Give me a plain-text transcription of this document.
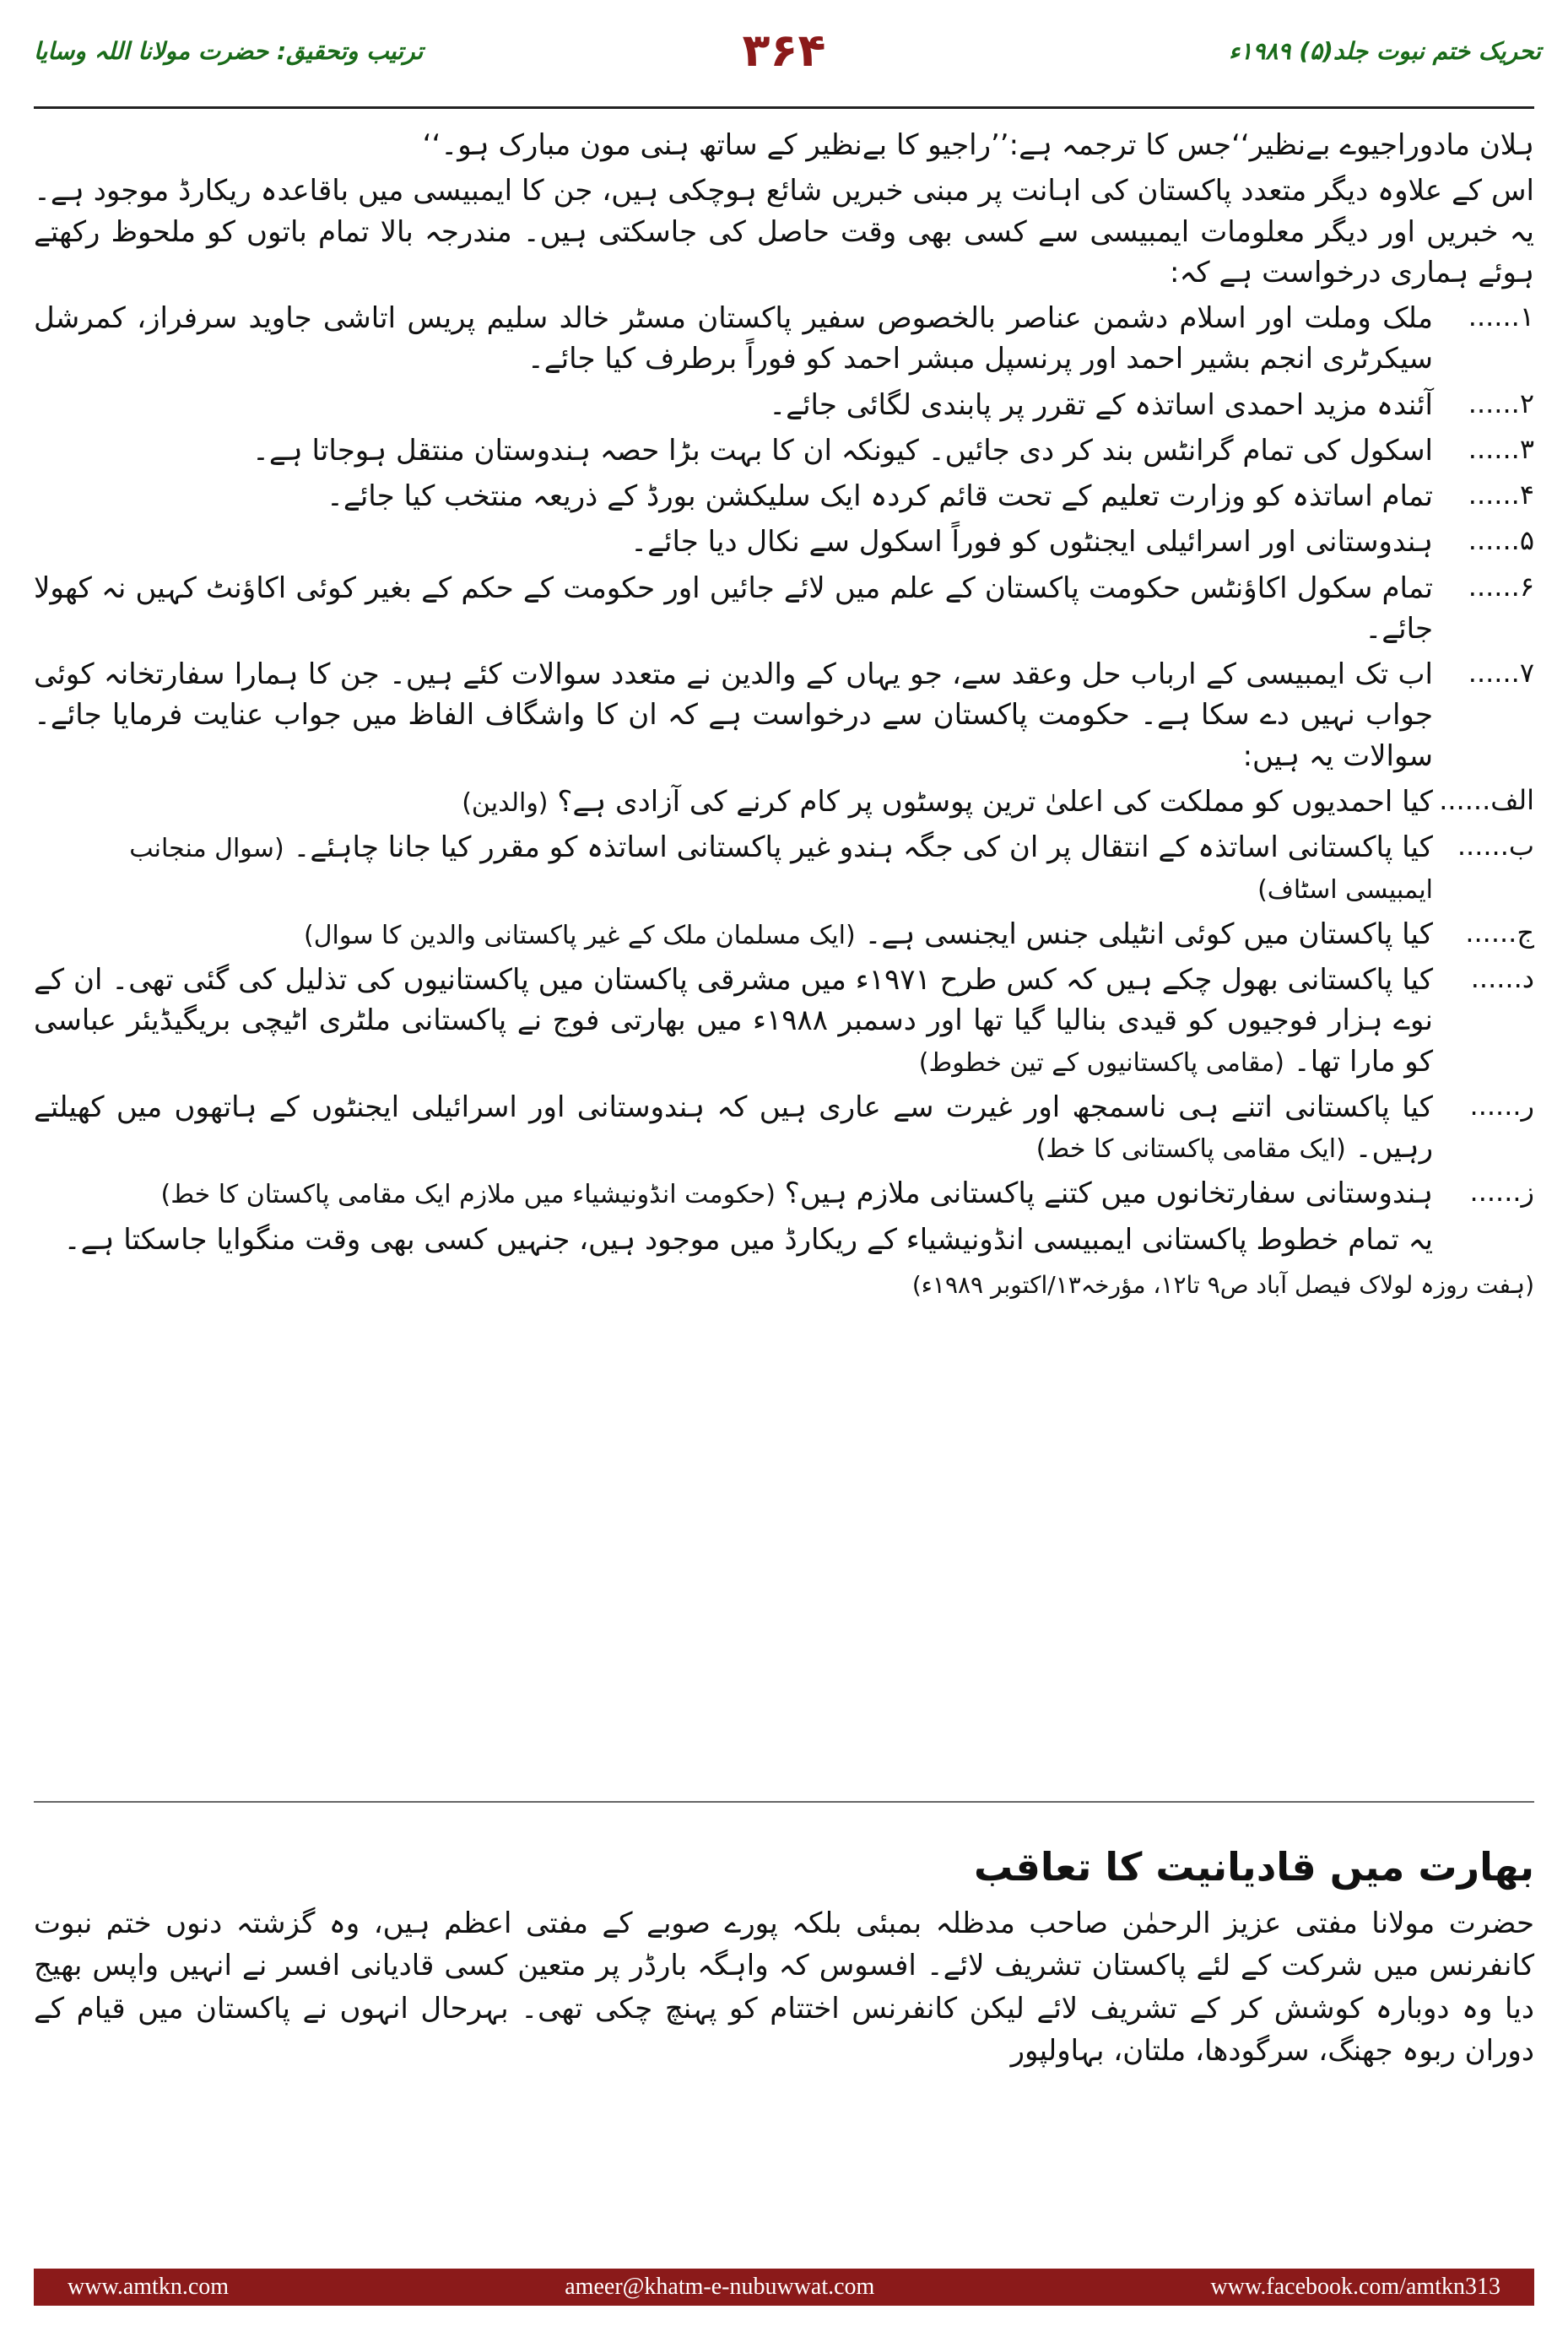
تحریک ختم نبوت جلد(۵) ۱۹۸۹ء
۳۶۴
ترتیب وتحقیق: حضرت مولانا اللہ وسایا

ہلان مادوراجیوے بےنظیر‘‘جس کا ترجمہ ہے:’’راجیو کا بےنظیر کے ساتھ ہنی مون مبارک ہو۔‘‘

اس کے علاوہ دیگر متعدد پاکستان کی اہانت پر مبنی خبریں شائع ہوچکی ہیں، جن کا ایمبیسی میں باقاعدہ ریکارڈ موجود ہے۔ یہ خبریں اور دیگر معلومات ایمبیسی سے کسی بھی وقت حاصل کی جاسکتی ہیں۔ مندرجہ بالا تمام باتوں کو ملحوظ رکھتے ہوئے ہماری درخواست ہے کہ:

۱......
ملک وملت اور اسلام دشمن عناصر بالخصوص سفیر پاکستان مسٹر خالد سلیم پریس اتاشی جاوید سرفراز، کمرشل سیکرٹری انجم بشیر احمد اور پرنسپل مبشر احمد کو فوراً برطرف کیا جائے۔
۲......
آئندہ مزید احمدی اساتذہ کے تقرر پر پابندی لگائی جائے۔
۳......
اسکول کی تمام گرانٹس بند کر دی جائیں۔ کیونکہ ان کا بہت بڑا حصہ ہندوستان منتقل ہوجاتا ہے۔
۴......
تمام اساتذہ کو وزارت تعلیم کے تحت قائم کردہ ایک سلیکشن بورڈ کے ذریعہ منتخب کیا جائے۔
۵......
ہندوستانی اور اسرائیلی ایجنٹوں کو فوراً اسکول سے نکال دیا جائے۔
۶......
تمام سکول اکاؤنٹس حکومت پاکستان کے علم میں لائے جائیں اور حکومت کے حکم کے بغیر کوئی اکاؤنٹ کہیں نہ کھولا جائے۔
۷......
اب تک ایمبیسی کے ارباب حل وعقد سے، جو یہاں کے والدین نے متعدد سوالات کئے ہیں۔ جن کا ہمارا سفارتخانہ کوئی جواب نہیں دے سکا ہے۔ حکومت پاکستان سے درخواست ہے کہ ان کا واشگاف الفاظ میں جواب عنایت فرمایا جائے۔ سوالات یہ ہیں:
الف......
کیا احمدیوں کو مملکت کی اعلیٰ ترین پوسٹوں پر کام کرنے کی آزادی ہے؟ (والدین)
ب......
کیا پاکستانی اساتذہ کے انتقال پر ان کی جگہ ہندو غیر پاکستانی اساتذہ کو مقرر کیا جانا چاہئے۔ (سوال منجانب ایمبیسی اسٹاف)
ج......
کیا پاکستان میں کوئی انٹیلی جنس ایجنسی ہے۔ (ایک مسلمان ملک کے غیر پاکستانی والدین کا سوال)
د......
کیا پاکستانی بھول چکے ہیں کہ کس طرح ۱۹۷۱ء میں مشرقی پاکستان میں پاکستانیوں کی تذلیل کی گئی تھی۔ ان کے نوے ہزار فوجیوں کو قیدی بنالیا گیا تھا اور دسمبر ۱۹۸۸ء میں بھارتی فوج نے پاکستانی ملٹری اٹیچی بریگیڈیئر عباسی کو مارا تھا۔ (مقامی پاکستانیوں کے تین خطوط)
ر......
کیا پاکستانی اتنے ہی ناسمجھ اور غیرت سے عاری ہیں کہ ہندوستانی اور اسرائیلی ایجنٹوں کے ہاتھوں میں کھیلتے رہیں۔ (ایک مقامی پاکستانی کا خط)
ز......
ہندوستانی سفارتخانوں میں کتنے پاکستانی ملازم ہیں؟ (حکومت انڈونیشیاء میں ملازم ایک مقامی پاکستان کا خط)
یہ تمام خطوط پاکستانی ایمبیسی انڈونیشیاء کے ریکارڈ میں موجود ہیں، جنہیں کسی بھی وقت منگوایا جاسکتا ہے۔
(ہفت روزہ لولاک فیصل آباد ص۹ تا۱۲، مؤرخہ۱۳/اکتوبر ۱۹۸۹ء)
بھارت میں قادیانیت کا تعاقب

حضرت مولانا مفتی عزیز الرحمٰن صاحب مدظلہ بمبئی بلکہ پورے صوبے کے مفتی اعظم ہیں، وہ گزشتہ دنوں ختم نبوت کانفرنس میں شرکت کے لئے پاکستان تشریف لائے۔ افسوس کہ واہگہ بارڈر پر متعین کسی قادیانی افسر نے انہیں واپس بھیج دیا وہ دوبارہ کوشش کر کے تشریف لائے لیکن کانفرنس اختتام کو پہنچ چکی تھی۔ بہرحال انہوں نے پاکستان میں قیام کے دوران ربوہ جھنگ، سرگودھا، ملتان، بہاولپور

www.amtkn.com	ameer@khatm-e-nubuwwat.com	www.facebook.com/amtkn313
